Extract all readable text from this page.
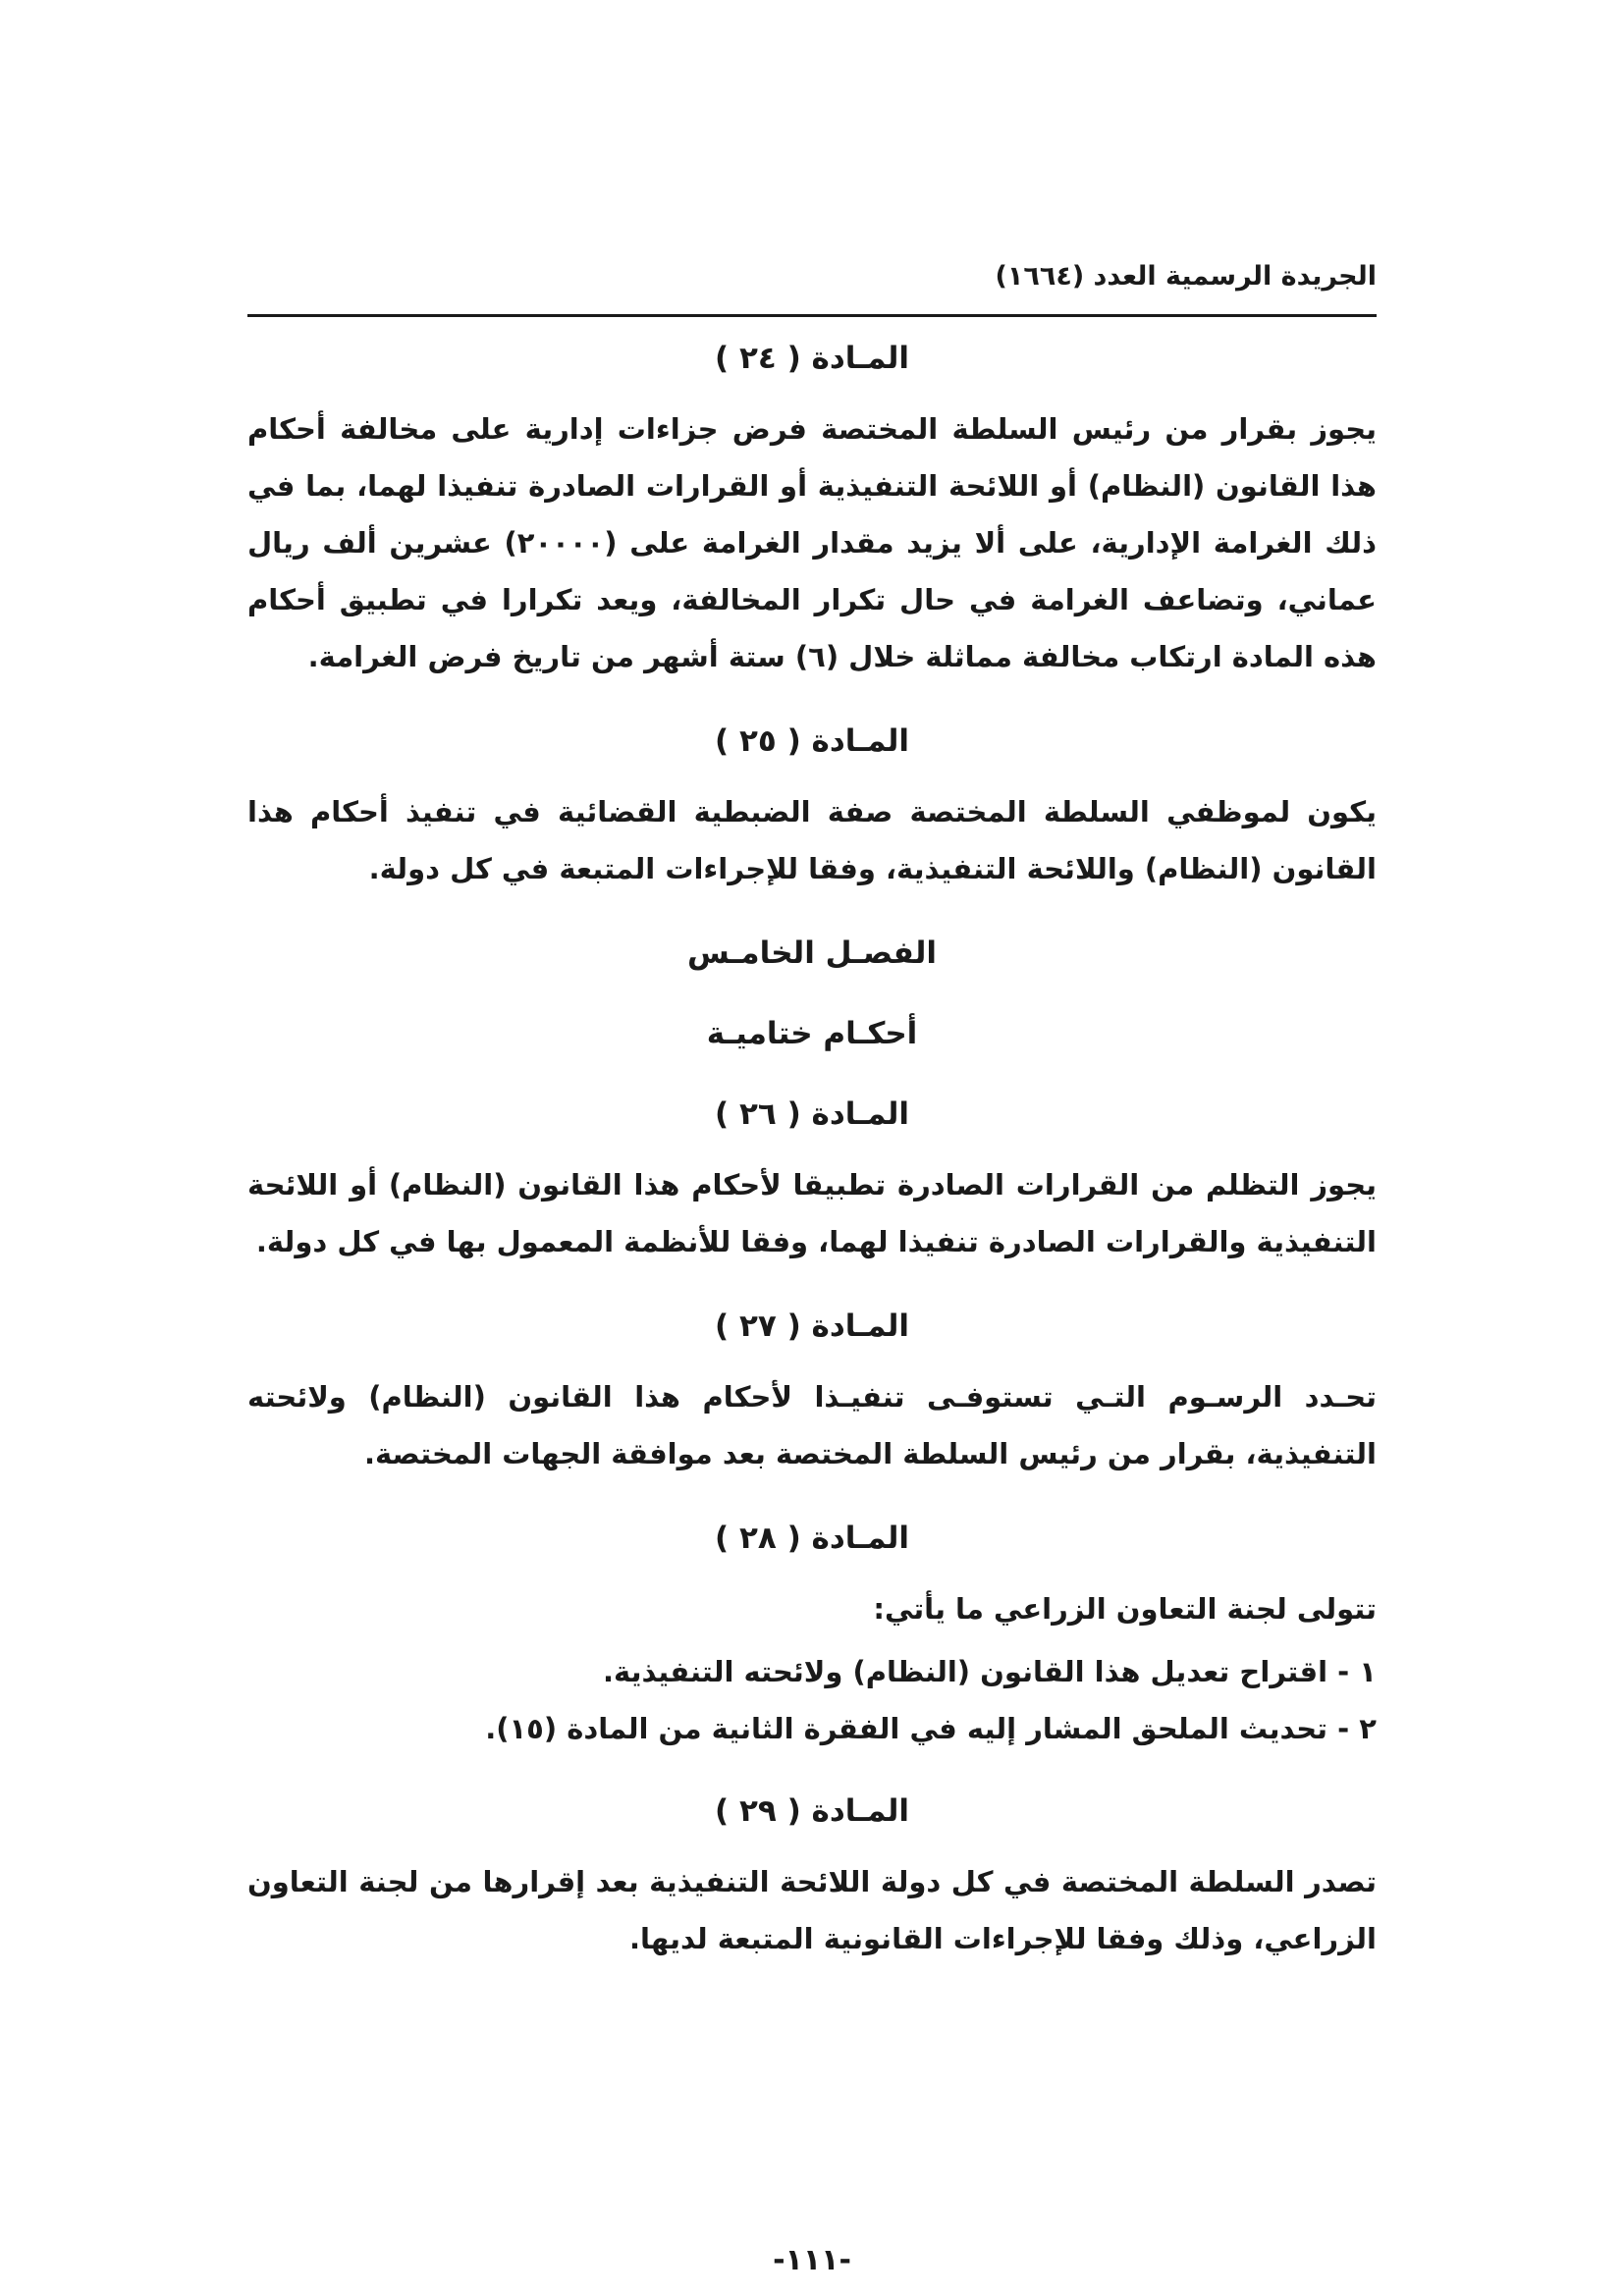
الجريدة الرسمية العدد (١٦٦٤)
المـادة ( ٢٤ )

يجوز بقرار من رئيس السلطة المختصة فرض جزاءات إدارية على مخالفة أحكام هذا القانون (النظام) أو اللائحة التنفيذية أو القرارات الصادرة تنفيذا لهما، بما في ذلك الغرامة الإدارية، على ألا يزيد مقدار الغرامة على (٢٠٠٠٠) عشرين ألف ريال عماني، وتضاعف الغرامة في حال تكرار المخالفة، ويعد تكرارا في تطبيق أحكام هذه المادة ارتكاب مخالفة مماثلة خلال (٦) ستة أشهر من تاريخ فرض الغرامة.

المـادة ( ٢٥ )

يكون لموظفي السلطة المختصة صفة الضبطية القضائية في تنفيذ أحكام هذا القانون (النظام) واللائحة التنفيذية، وفقا للإجراءات المتبعة في كل دولة.

الفصـل الخامـس
أحكـام ختاميـة
المـادة ( ٢٦ )

يجوز التظلم من القرارات الصادرة تطبيقا لأحكام هذا القانون (النظام) أو اللائحة التنفيذية والقرارات الصادرة تنفيذا لهما، وفقا للأنظمة المعمول بها في كل دولة.

المـادة ( ٢٧ )

تحـدد الرسـوم التـي تستوفـى تنفيـذا لأحكام هذا القانون (النظام) ولائحته التنفيذية، بقرار من رئيس السلطة المختصة بعد موافقة الجهات المختصة.

المـادة ( ٢٨ )

تتولى لجنة التعاون الزراعي ما يأتي:

١ - اقتراح تعديل هذا القانون (النظام) ولائحته التنفيذية.
٢ - تحديث الملحق المشار إليه في الفقرة الثانية من المادة (١٥).
المـادة ( ٢٩ )

تصدر السلطة المختصة في كل دولة اللائحة التنفيذية بعد إقرارها من لجنة التعاون الزراعي، وذلك وفقا للإجراءات القانونية المتبعة لديها.

-١١١-
